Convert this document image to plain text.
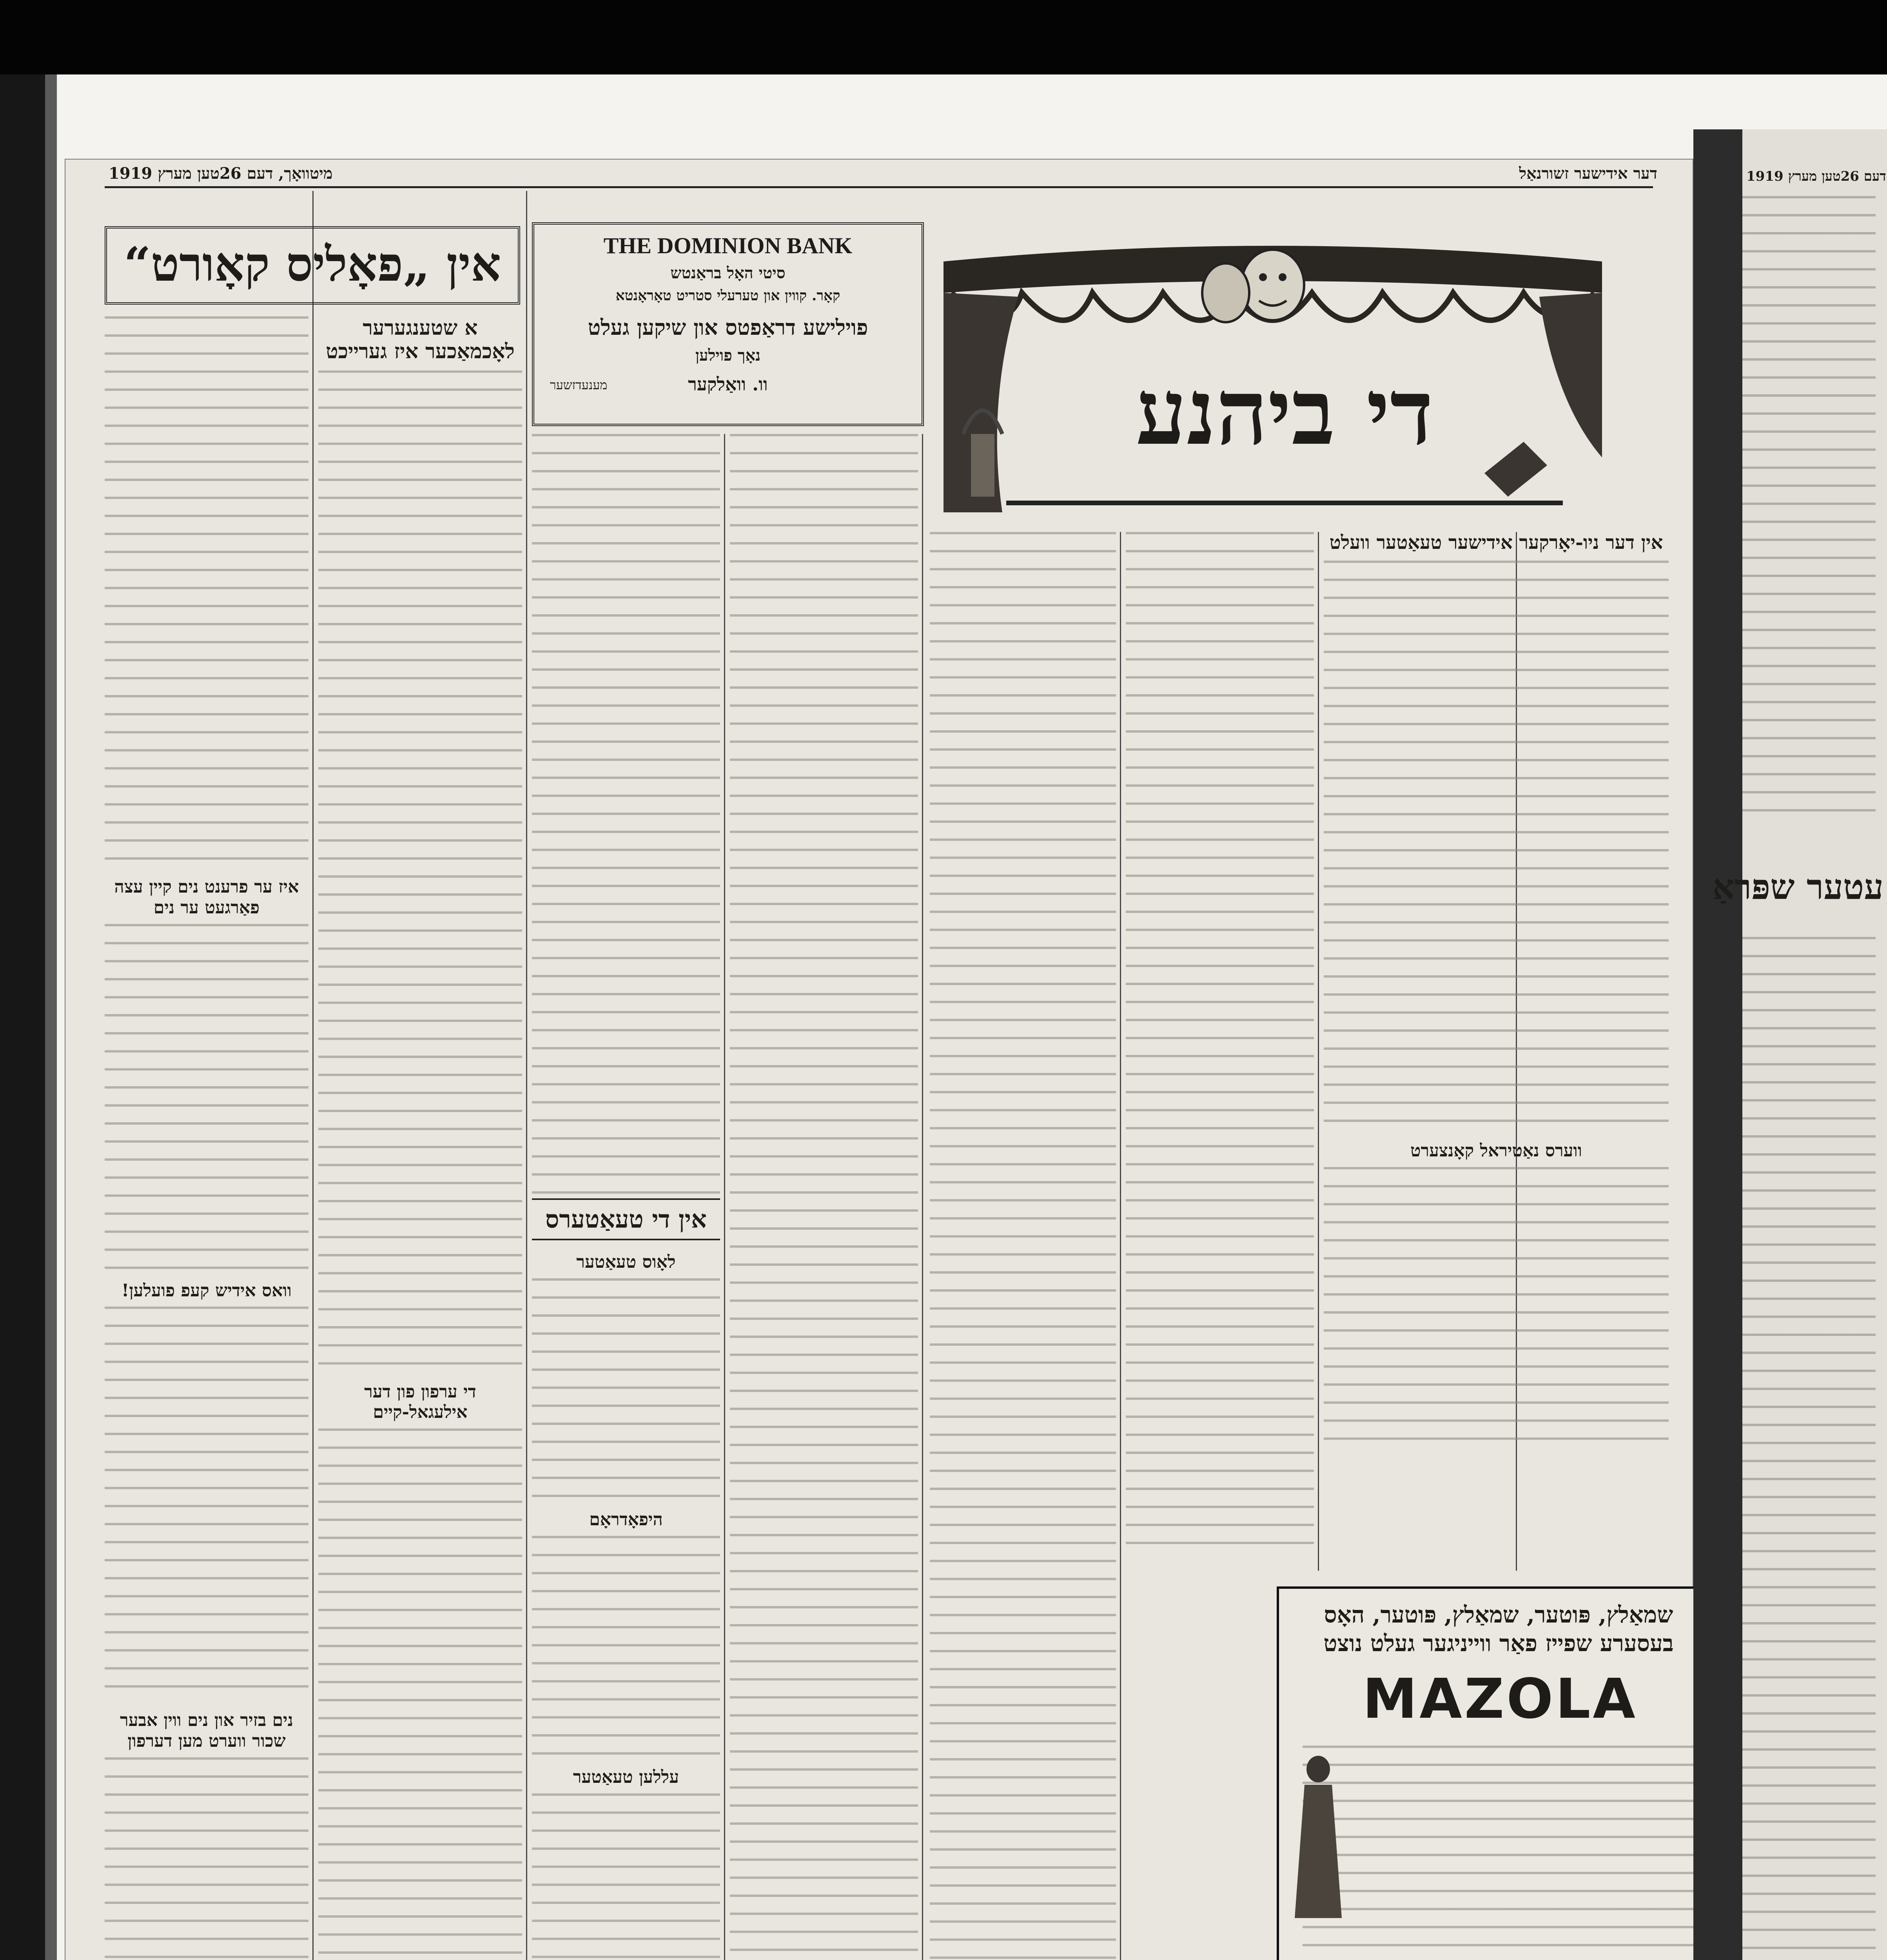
מיטוואָך, דעם 26טען מערץ 1919	דער אידישער זשורנאַל
אין „פאָליס קאָורט“
איז ער פרענט נים קיין עצה פאַרגעט ער נים
וואס אידיש קעפ פועלען!
נים בזיר און נים ווין אבער שכור ווערט מען דערפון
א שטענגערער לאָכמאַכער איז גערייכט
די ערפון פון דער אילעגאל-קיים
THE DOMINION BANK
סיטי האָל בראַנטש
קאָר. קווין און טערעלי סטריט טאָראָנטא
פוילישע דראַפטס און שיקען געלט
נאָך פוילען
וו. וואַלקער
מענעדזשער
אין די טעאַטערס
לאָוס טעאַטער
היפאָדראָם
עללען טעאַטער
די ביהנע
אין דער ניו-יאָרקער אידישער טעאַטער וועלט
ווערס נאַטיראל קאָנצערט
שמאַלץ, פּוטער, שמאַלץ, פּוטער, האָס בעסערע שפייז פאַר ווייניגער געלט נוצט
MAZOLA
דעם 26טען מערץ 1919
עטער שפּראַ
